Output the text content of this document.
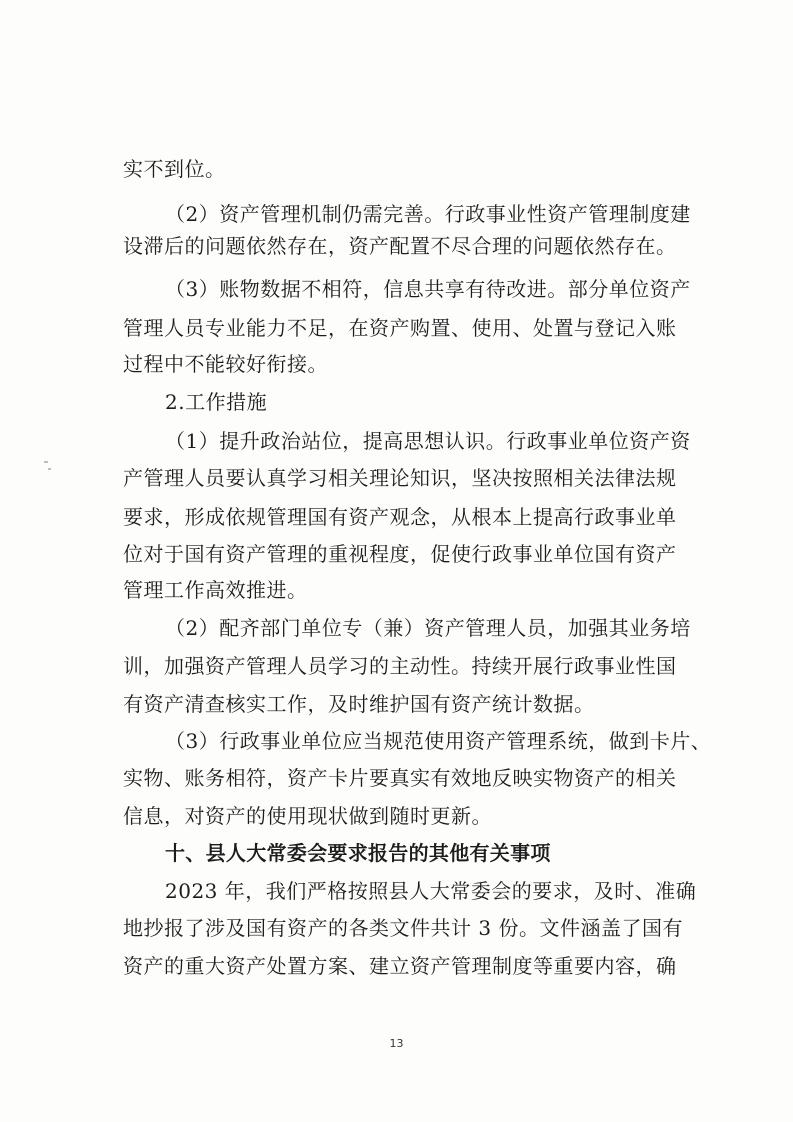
实不到位。
（2）资产管理机制仍需完善。行政事业性资产管理制度建
设滞后的问题依然存在，资产配置不尽合理的问题依然存在。
（3）账物数据不相符，信息共享有待改进。部分单位资产
管理人员专业能力不足，在资产购置、使用、处置与登记入账
过程中不能较好衔接。
2.工作措施
（1）提升政治站位，提高思想认识。行政事业单位资产资
产管理人员要认真学习相关理论知识，坚决按照相关法律法规
要求，形成依规管理国有资产观念，从根本上提高行政事业单
位对于国有资产管理的重视程度，促使行政事业单位国有资产
管理工作高效推进。
（2）配齐部门单位专（兼）资产管理人员，加强其业务培
训，加强资产管理人员学习的主动性。持续开展行政事业性国
有资产清查核实工作，及时维护国有资产统计数据。
（3）行政事业单位应当规范使用资产管理系统，做到卡片、
实物、账务相符，资产卡片要真实有效地反映实物资产的相关
信息，对资产的使用现状做到随时更新。
十、县人大常委会要求报告的其他有关事项
2023 年，我们严格按照县人大常委会的要求，及时、准确
地抄报了涉及国有资产的各类文件共计 3 份。文件涵盖了国有
资产的重大资产处置方案、建立资产管理制度等重要内容，确
13
